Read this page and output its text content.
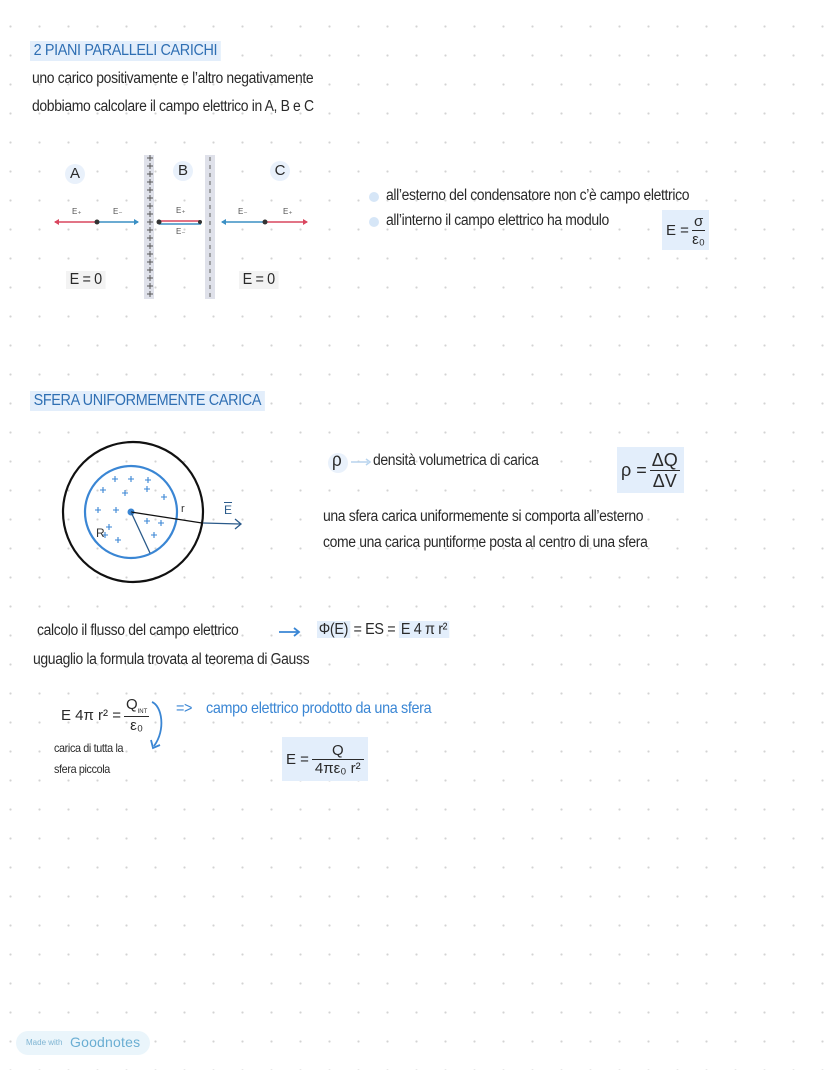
2 PIANI PARALLELI CARICHI
uno carico positivamente e l’altro negativamente
dobbiamo calcolare il campo elettrico in A, B e C
A	B	C
E₊	E₋	E₊
E₋
E₋	E₊
E = 0	E = 0
all’esterno del condensatore non c’è campo elettrico
all’interno il campo elettrico ha modulo
$E = \frac{\sigma}{\text{ε₀}}$
SFERA UNIFORMEMENTE CARICA
R
r	$\overline{E}$
ρ densità volumetrica di carica	$\rho = \frac{\Delta Q}{\Delta V}$
una sfera carica uniformemente si comporta all’esterno
come una carica puntiforme posta al centro di una sfera
calcolo il flusso del campo elettrico	Φ(E) = ES = E 4 π r²
uguaglio la formula trovata al teorema di Gauss
E 4π $r^2 = \frac{Q_{INT}}{\text{ε₀}}$ => campo elettrico prodotto da una sfera
carica di tutta la
sfera piccola
$E = \frac{Q}{\text{4πε₀ r²}}$
Made with Goodnotes
